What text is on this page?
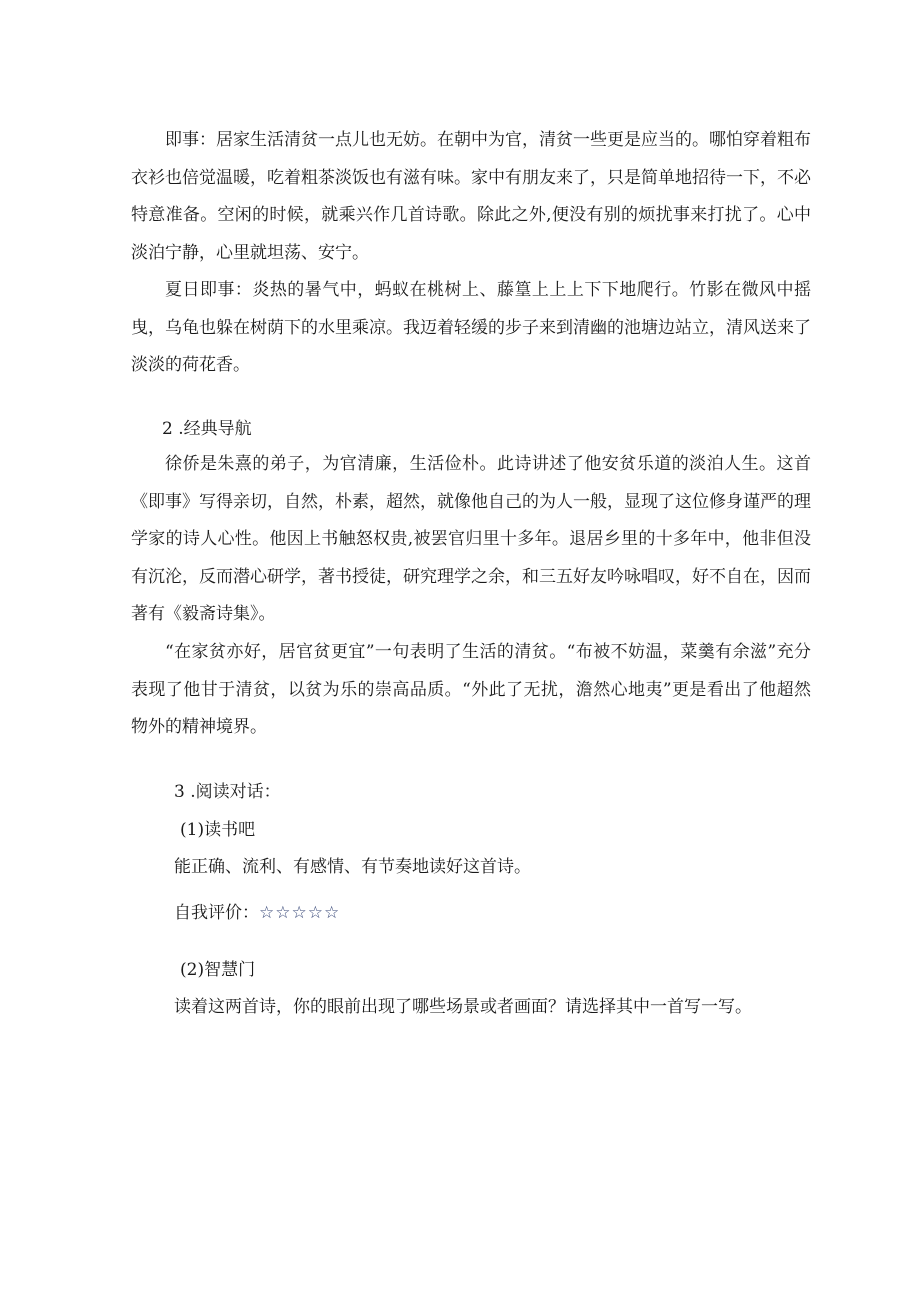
即事：居家生活清贫一点儿也无妨。在朝中为官，清贫一些更是应当的。哪怕穿着粗布衣衫也倍觉温暖，吃着粗茶淡饭也有滋有味。家中有朋友来了，只是简单地招待一下，不必特意准备。空闲的时候，就乘兴作几首诗歌。除此之外,便没有别的烦扰事来打扰了。心中淡泊宁静，心里就坦荡、安宁。

夏日即事：炎热的暑气中，蚂蚁在桃树上、藤篁上上上下下地爬行。竹影在微风中摇曳，乌龟也躲在树荫下的水里乘凉。我迈着轻缓的步子来到清幽的池塘边站立，清风送来了淡淡的荷花香。

2 .经典导航

徐侨是朱熹的弟子，为官清廉，生活俭朴。此诗讲述了他安贫乐道的淡泊人生。这首《即事》写得亲切，自然，朴素，超然，就像他自己的为人一般，显现了这位修身谨严的理学家的诗人心性。他因上书触怒权贵,被罢官归里十多年。退居乡里的十多年中，他非但没有沉沦，反而潜心研学，著书授徒，研究理学之余，和三五好友吟咏唱叹，好不自在，因而著有《毅斋诗集》。

“在家贫亦好，居官贫更宜”一句表明了生活的清贫。“布被不妨温，菜羹有余滋”充分表现了他甘于清贫，以贫为乐的崇高品质。“外此了无扰，澹然心地夷”更是看出了他超然物外的精神境界。

3 .阅读对话：

(1)读书吧

能正确、流利、有感情、有节奏地读好这首诗。

自我评价：☆☆☆☆☆

(2)智慧门

读着这两首诗，你的眼前出现了哪些场景或者画面？请选择其中一首写一写。
